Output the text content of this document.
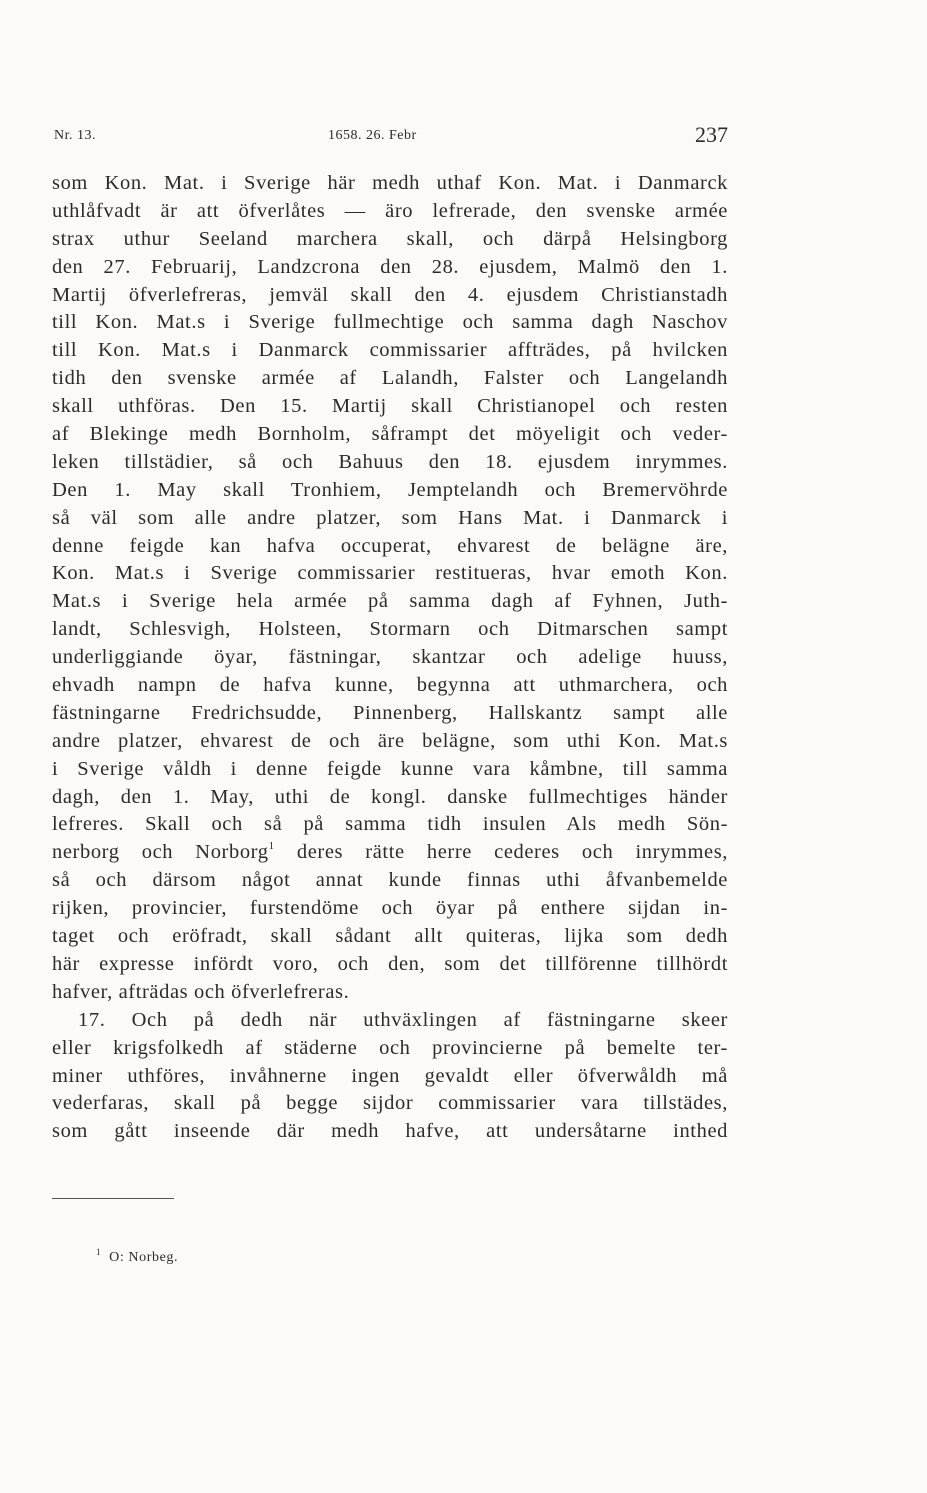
Nr. 13.	1658. 26. Febr	237
som Kon. Mat. i Sverige här medh uthaf Kon. Mat. i Danmarck
uthlåfvadt är att öfverlåtes — äro lefrerade, den svenske armée
strax uthur Seeland marchera skall, och därpå Helsingborg
den 27. Februarij, Landzcrona den 28. ejusdem, Malmö den 1.
Martij öfverlefreras, jemväl skall den 4. ejusdem Christianstadh
till Kon. Mat.s i Sverige fullmechtige och samma dagh Naschov
till Kon. Mat.s i Danmarck commissarier affträdes, på hvilcken
tidh den svenske armée af Lalandh, Falster och Langelandh
skall uthföras. Den 15. Martij skall Christianopel och resten
af Blekinge medh Bornholm, såframpt det möyeligit och veder-
leken tillstädier, så och Bahuus den 18. ejusdem inrymmes.
Den 1. May skall Tronhiem, Jemptelandh och Bremervöhrde
så väl som alle andre platzer, som Hans Mat. i Danmarck i
denne feigde kan hafva occuperat, ehvarest de belägne äre,
Kon. Mat.s i Sverige commissarier restitueras, hvar emoth Kon.
Mat.s i Sverige hela armée på samma dagh af Fyhnen, Juth-
landt, Schlesvigh, Holsteen, Stormarn och Ditmarschen sampt
underliggiande öyar, fästningar, skantzar och adelige huuss,
ehvadh nampn de hafva kunne, begynna att uthmarchera, och
fästningarne Fredrichsudde, Pinnenberg, Hallskantz sampt alle
andre platzer, ehvarest de och äre belägne, som uthi Kon. Mat.s
i Sverige våldh i denne feigde kunne vara kåmbne, till samma
dagh, den 1. May, uthi de kongl. danske fullmechtiges händer
lefreres. Skall och så på samma tidh insulen Als medh Sön-
nerborg och Norborg$^1$ deres rätte herre cederes och inrymmes,
så och därsom något annat kunde finnas uthi åfvanbemelde
rijken, provincier, furstendöme och öyar på enthere sijdan in-
taget och eröfradt, skall sådant allt quiteras, lijka som dedh
här expresse infördt voro, och den, som det tillförenne tillhördt
hafver, afträdas och öfverlefreras.
17. Och på dedh när uthväxlingen af fästningarne skeer
eller krigsfolkedh af städerne och provincierne på bemelte ter-
miner uthföres, invåhnerne ingen gevaldt eller öfverwåldh må
vederfaras, skall på begge sijdor commissarier vara tillstädes,
som gått inseende där medh hafve, att undersåtarne inthed
$^1$ O: Norbeg.
